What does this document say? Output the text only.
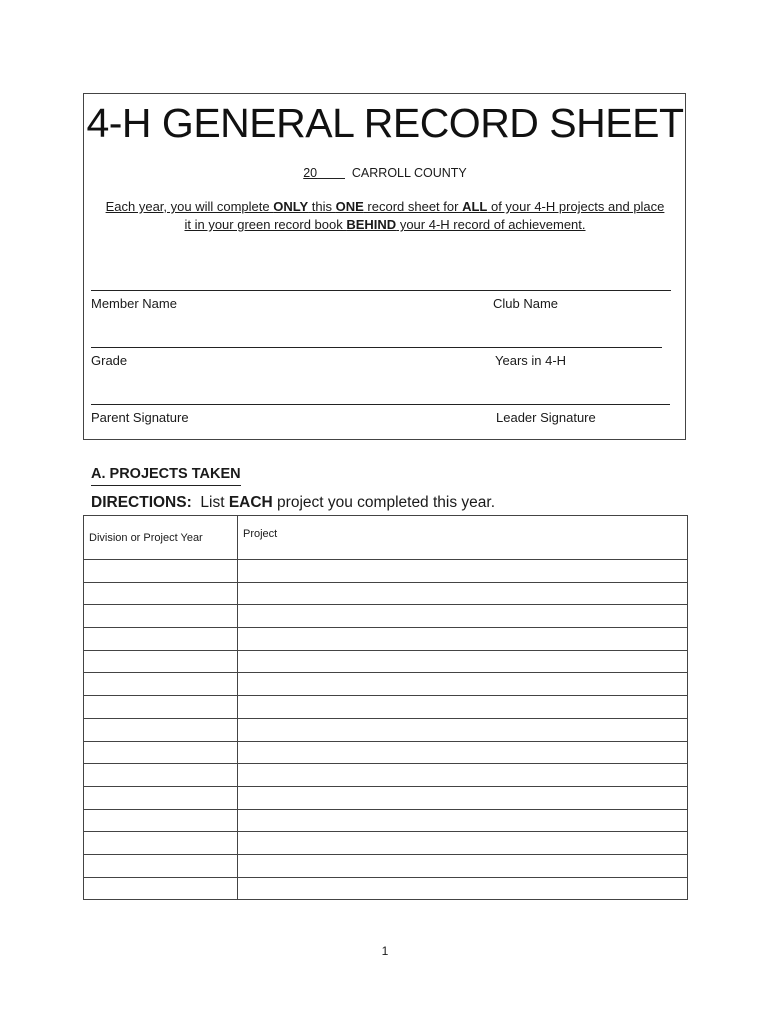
4-H GENERAL RECORD SHEET
20	CARROLL COUNTY
Each year, you will complete ONLY this ONE record sheet for ALL of your 4-H projects and place
it in your green record book BEHIND your 4-H record of achievement.
Member Name	Club Name
Grade	Years in 4-H
Parent Signature	Leader Signature
A. PROJECTS TAKEN
DIRECTIONS: List EACH project you completed this year.
Division or Project Year	Project

1
